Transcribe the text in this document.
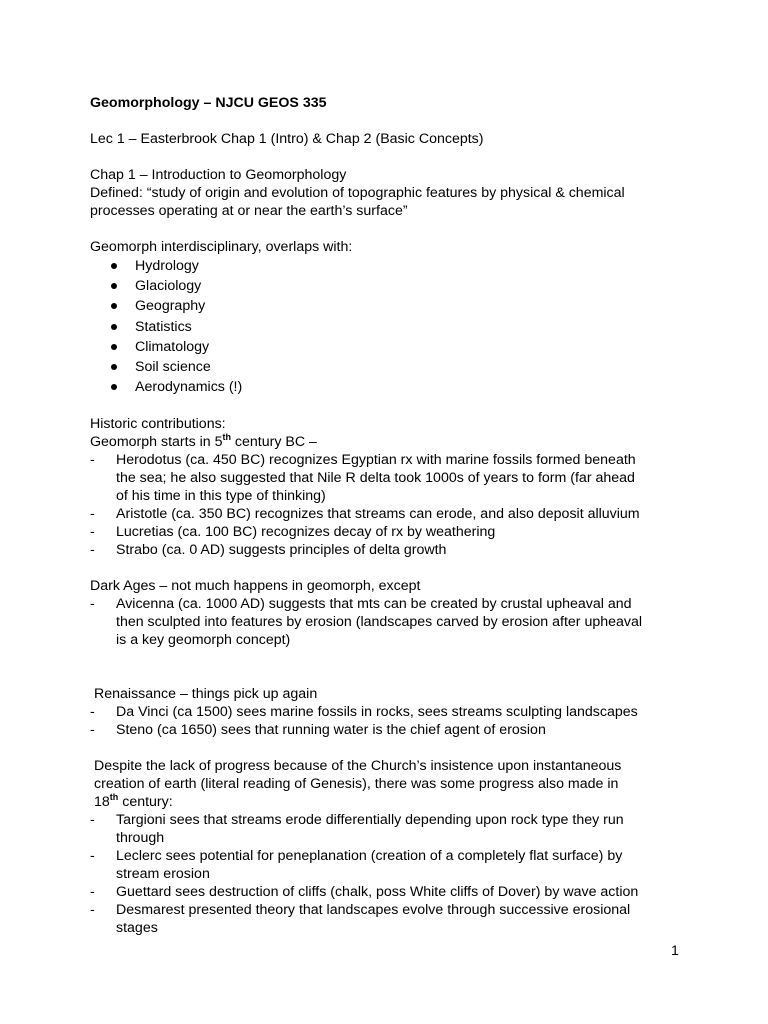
Geomorphology – NJCU GEOS 335
Lec 1 – Easterbrook Chap 1 (Intro) & Chap 2 (Basic Concepts)
Chap 1 – Introduction to Geomorphology
Defined: “study of origin and evolution of topographic features by physical & chemical
processes operating at or near the earth’s surface”
Geomorph interdisciplinary, overlaps with:
Hydrology
Glaciology
Geography
Statistics
Climatology
Soil science
Aerodynamics (!)
Historic contributions:
Geomorph starts in 5th century BC –
- Herodotus (ca. 450 BC) recognizes Egyptian rx with marine fossils formed beneath
the sea; he also suggested that Nile R delta took 1000s of years to form (far ahead
of his time in this type of thinking)
- Aristotle (ca. 350 BC) recognizes that streams can erode, and also deposit alluvium
- Lucretias (ca. 100 BC) recognizes decay of rx by weathering
- Strabo (ca. 0 AD) suggests principles of delta growth
Dark Ages – not much happens in geomorph, except
- Avicenna (ca. 1000 AD) suggests that mts can be created by crustal upheaval and
then sculpted into features by erosion (landscapes carved by erosion after upheaval
is a key geomorph concept)
Renaissance – things pick up again
- Da Vinci (ca 1500) sees marine fossils in rocks, sees streams sculpting landscapes
- Steno (ca 1650) sees that running water is the chief agent of erosion
Despite the lack of progress because of the Church’s insistence upon instantaneous
creation of earth (literal reading of Genesis), there was some progress also made in
18th century:
- Targioni sees that streams erode differentially depending upon rock type they run
through
- Leclerc sees potential for peneplanation (creation of a completely flat surface) by
stream erosion
- Guettard sees destruction of cliffs (chalk, poss White cliffs of Dover) by wave action
- Desmarest presented theory that landscapes evolve through successive erosional
stages
1
